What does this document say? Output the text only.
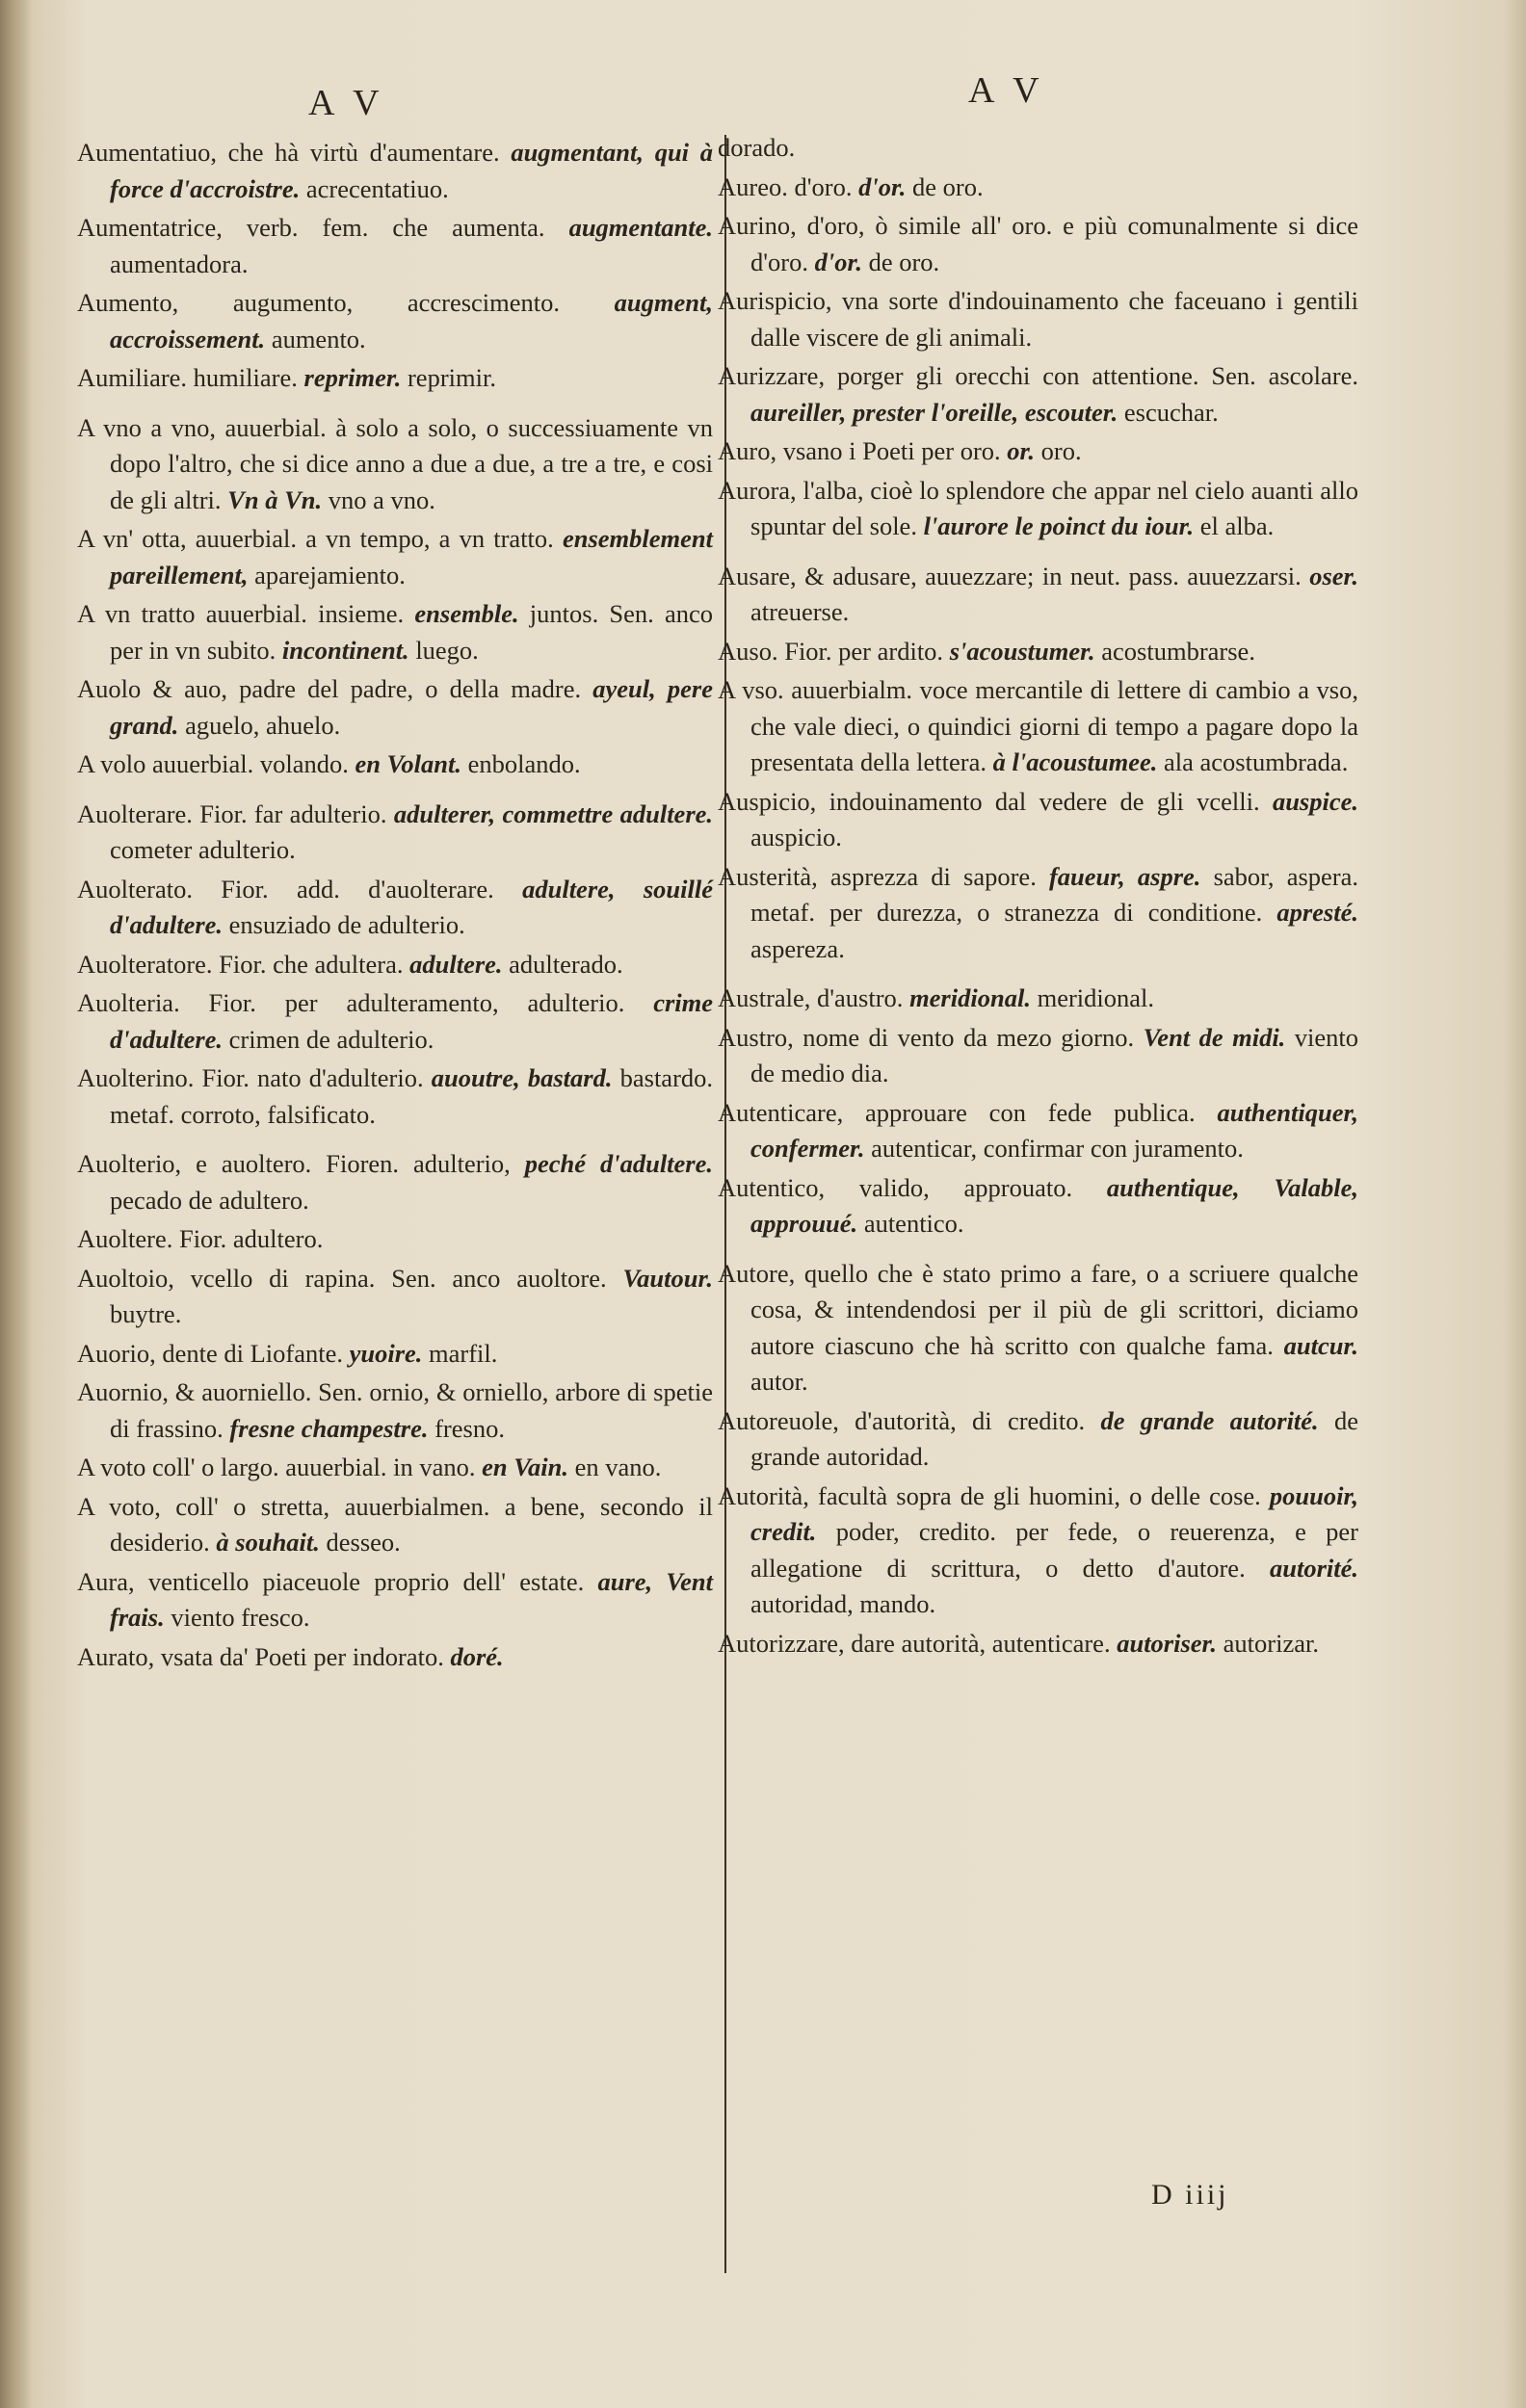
A V	A V

Aumentatiuo, che hà virtù d'aumentare. augmentant, qui à force d'accroistre. acrecentatiuo.

Aumentatrice, verb. fem. che aumenta. augmentante. aumentadora.

Aumento, augumento, accrescimento. augment, accroissement. aumento.

Aumiliare. humiliare. reprimer. reprimir.

A vno a vno, auuerbial. à solo a solo, o successiuamente vn dopo l'altro, che si dice anno a due a due, a tre a tre, e cosi de gli altri. Vn à Vn. vno a vno.

A vn' otta, auuerbial. a vn tempo, a vn tratto. ensemblement pareillement, aparejamiento.

A vn tratto auuerbial. insieme. ensemble. juntos. Sen. anco per in vn subito. incontinent. luego.

Auolo & auo, padre del padre, o della madre. ayeul, pere grand. aguelo, ahuelo.

A volo auuerbial. volando. en Volant. enbolando.

Auolterare. Fior. far adulterio. adulterer, commettre adultere. cometer adulterio.

Auolterato. Fior. add. d'auolterare. adultere, souillé d'adultere. ensuziado de adulterio.

Auolteratore. Fior. che adultera. adultere. adulterado.

Auolteria. Fior. per adulteramento, adulterio. crime d'adultere. crimen de adulterio.

Auolterino. Fior. nato d'adulterio. auoutre, bastard. bastardo. metaf. corroto, falsificato.

Auolterio, e auoltero. Fioren. adulterio, peché d'adultere. pecado de adultero.

Auoltere. Fior. adultero.

Auoltoio, vcello di rapina. Sen. anco auoltore. Vautour. buytre.

Auorio, dente di Liofante. yuoire. marfil.

Auornio, & auorniello. Sen. ornio, & orniello, arbore di spetie di frassino. fresne champestre. fresno.

A voto coll' o largo. auuerbial. in vano. en Vain. en vano.

A voto, coll' o stretta, auuerbialmen. a bene, secondo il desiderio. à souhait. desseo.

Aura, venticello piaceuole proprio dell' estate. aure, Vent frais. viento fresco.

Aurato, vsata da' Poeti per indorato. doré.

dorado.

Aureo. d'oro. d'or. de oro.

Aurino, d'oro, ò simile all' oro. e più comunalmente si dice d'oro. d'or. de oro.

Aurispicio, vna sorte d'indouinamento che faceuano i gentili dalle viscere de gli animali.

Aurizzare, porger gli orecchi con attentione. Sen. ascolare. aureiller, prester l'oreille, escouter. escuchar.

Auro, vsano i Poeti per oro. or. oro.

Aurora, l'alba, cioè lo splendore che appar nel cielo auanti allo spuntar del sole. l'aurore le poinct du iour. el alba.

Ausare, & adusare, auuezzare; in neut. pass. auuezzarsi. oser. atreuerse.

Auso. Fior. per ardito. s'acoustumer. acostumbrarse.

A vso. auuerbialm. voce mercantile di lettere di cambio a vso, che vale dieci, o quindici giorni di tempo a pagare dopo la presentata della lettera. à l'acoustumee. ala acostumbrada.

Auspicio, indouinamento dal vedere de gli vcelli. auspice. auspicio.

Austerità, asprezza di sapore. faueur, aspre. sabor, aspera. metaf. per durezza, o stranezza di conditione. apresté. aspereza.

Australe, d'austro. meridional. meridional.

Austro, nome di vento da mezo giorno. Vent de midi. viento de medio dia.

Autenticare, approuare con fede publica. authentiquer, confermer. autenticar, confirmar con juramento.

Autentico, valido, approuato. authentique, Valable, approuué. autentico.

Autore, quello che è stato primo a fare, o a scriuere qualche cosa, & intendendosi per il più de gli scrittori, diciamo autore ciascuno che hà scritto con qualche fama. autcur. autor.

Autoreuole, d'autorità, di credito. de grande autorité. de grande autoridad.

Autorità, facultà sopra de gli huomini, o delle cose. pouuoir, credit. poder, credito. per fede, o reuerenza, e per allegatione di scrittura, o detto d'autore. autorité. autoridad, mando.

Autorizzare, dare autorità, autenticare. autoriser. autorizar.

D iiij
